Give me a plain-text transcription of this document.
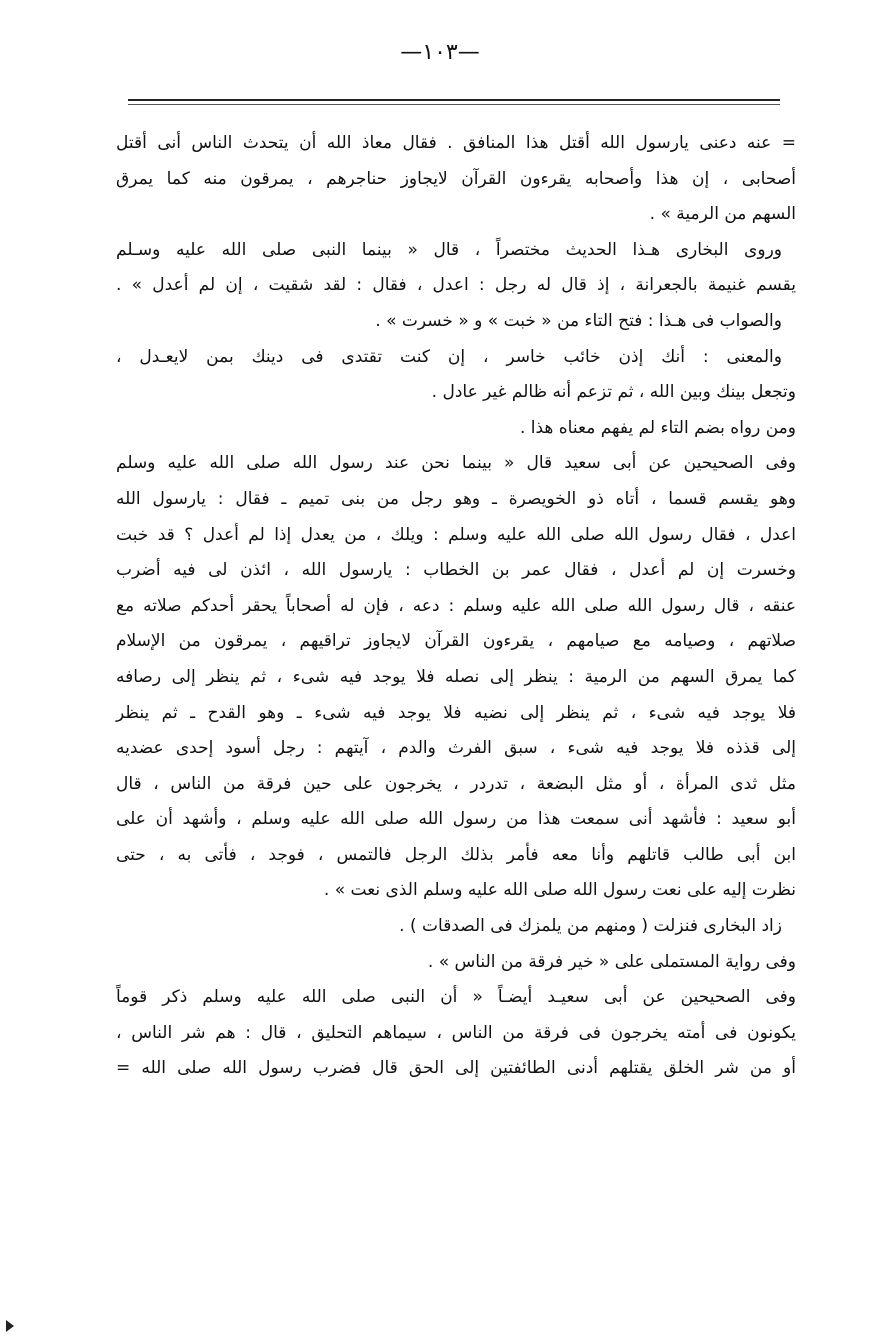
—١٠٣—
= عنه دعنى يارسول الله أقتل هذا المنافق . فقال معاذ الله أن يتحدث الناس أنى أقتل
أصحابى ، إن هذا وأصحابه يقرءون القرآن لايجاوز حناجرهم ، يمرقون منه كما يمرق
السهم من الرمية » .
وروى البخارى هـذا الحديث مختصراً ، قال « بينما النبى صلى الله عليه وسـلم
يقسم غنيمة بالجعرانة ، إذ قال له رجل : اعدل ، فقال : لقد شقيت ، إن لم أعدل » .
والصواب فى هـذا : فتح التاء من « خبت » و « خسرت » .
والمعنى : أنك إذن خائب خاسر ، إن كنت تقتدى فى دينك بمن لايعـدل ،
وتجعل بينك وبين الله ، ثم تزعم أنه ظالم غير عادل .
ومن رواه بضم التاء لم يفهم معناه هذا .
وفى الصحيحين عن أبى سعيد قال « بينما نحن عند رسول الله صلى الله عليه وسلم
وهو يقسم قسما ، أتاه ذو الخويصرة ـ وهو رجل من بنى تميم ـ فقال : يارسول الله
اعدل ، فقال رسول الله صلى الله عليه وسلم : ويلك ، من يعدل إذا لم أعدل ؟ قد خبت
وخسرت إن لم أعدل ، فقال عمر بن الخطاب : يارسول الله ، ائذن لى فيه أضرب
عنقه ، قال رسول الله صلى الله عليه وسلم : دعه ، فإن له أصحاباً يحقر أحدكم صلاته مع
صلاتهم ، وصيامه مع صيامهم ، يقرءون القرآن لايجاوز تراقيهم ، يمرقون من الإسلام
كما يمرق السهم من الرمية : ينظر إلى نصله فلا يوجد فيه شىء ، ثم ينظر إلى رصافه
فلا يوجد فيه شىء ، ثم ينظر إلى نضيه فلا يوجد فيه شىء ـ وهو القدح ـ ثم ينظر
إلى قذذه فلا يوجد فيه شىء ، سبق الفرث والدم ، آيتهم : رجل أسود إحدى عضديه
مثل ثدى المرأة ، أو مثل البضعة ، تدردر ، يخرجون على حين فرقة من الناس ، قال
أبو سعيد : فأشهد أنى سمعت هذا من رسول الله صلى الله عليه وسلم ، وأشهد أن على
ابن أبى طالب قاتلهم وأنا معه فأمر بذلك الرجل فالتمس ، فوجد ، فأتى به ، حتى
نظرت إليه على نعت رسول الله صلى الله عليه وسلم الذى نعت » .
زاد البخارى فنزلت ( ومنهم من يلمزك فى الصدقات ) .
وفى رواية المستملى على « خير فرقة من الناس » .
وفى الصحيحين عن أبى سعيـد أيضـاً « أن النبى صلى الله عليه وسلم ذكر قوماً
يكونون فى أمته يخرجون فى فرقة من الناس ، سيماهم التحليق ، قال : هم شر الناس ،
أو من شر الخلق يقتلهم أدنى الطائفتين إلى الحق قال فضرب رسول الله صلى الله =
